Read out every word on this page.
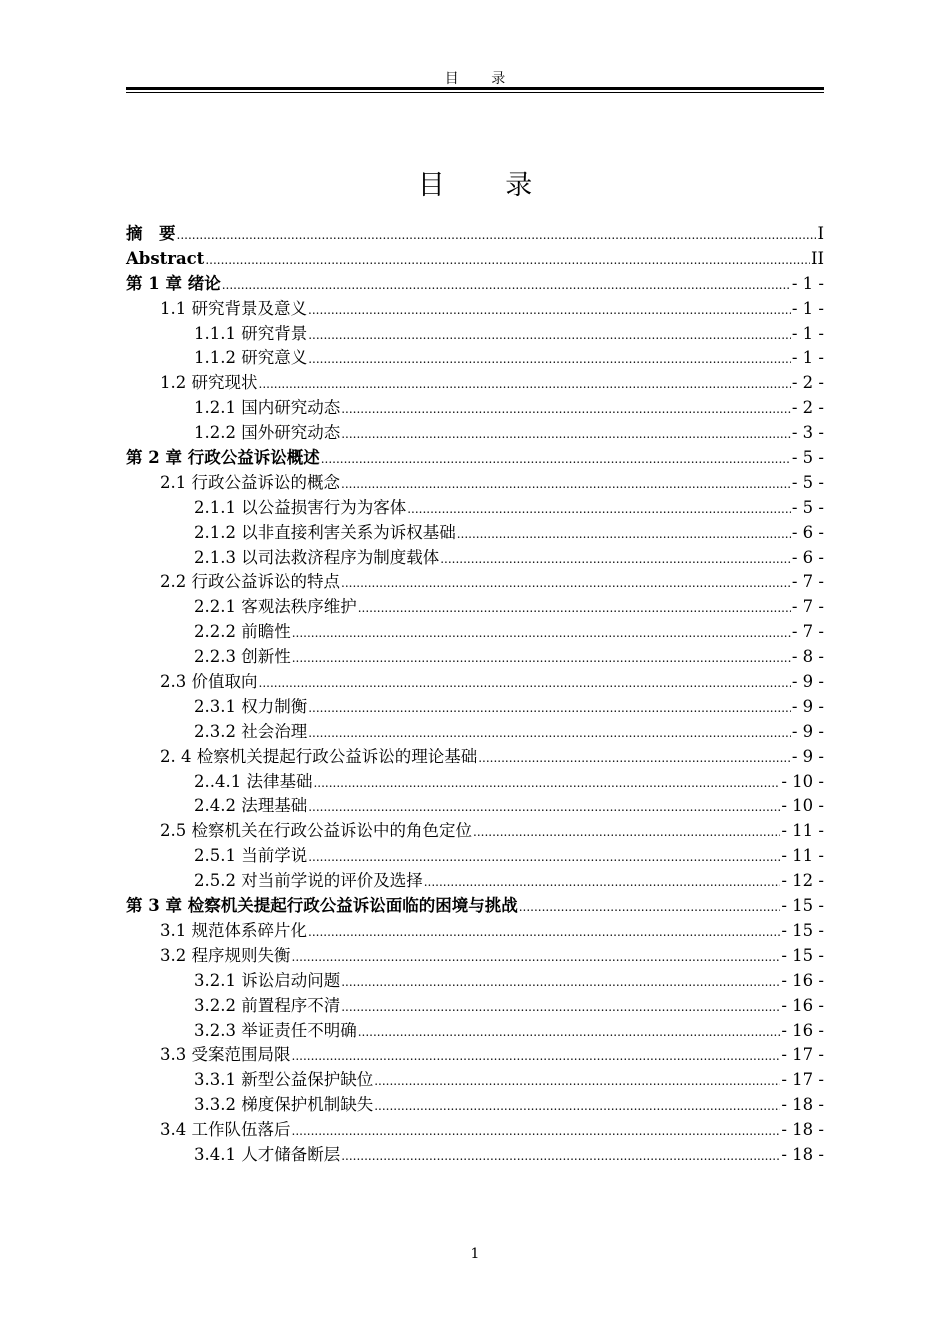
目 录
目 录
摘　要 .....	I
Abstract .....	II
第 1 章 绪论 .....	- 1 -
1.1 研究背景及意义 .....	- 1 -
1.1.1 研究背景 .....	- 1 -
1.1.2 研究意义 .....	- 1 -
1.2 研究现状 .....	- 2 -
1.2.1 国内研究动态 .....	- 2 -
1.2.2 国外研究动态 .....	- 3 -
第 2 章 行政公益诉讼概述 .....	- 5 -
2.1 行政公益诉讼的概念 .....	- 5 -
2.1.1 以公益损害行为为客体 .....	- 5 -
2.1.2 以非直接利害关系为诉权基础 .....	- 6 -
2.1.3 以司法救济程序为制度载体 .....	- 6 -
2.2 行政公益诉讼的特点 .....	- 7 -
2.2.1 客观法秩序维护 .....	- 7 -
2.2.2 前瞻性 .....	- 7 -
2.2.3 创新性 .....	- 8 -
2.3 价值取向 .....	- 9 -
2.3.1 权力制衡 .....	- 9 -
2.3.2 社会治理 .....	- 9 -
2. 4 检察机关提起行政公益诉讼的理论基础 .....	- 9 -
2..4.1 法律基础 .....	- 10 -
2.4.2 法理基础 .....	- 10 -
2.5 检察机关在行政公益诉讼中的角色定位 .....	- 11 -
2.5.1 当前学说 .....	- 11 -
2.5.2 对当前学说的评价及选择 .....	- 12 -
第 3 章 检察机关提起行政公益诉讼面临的困境与挑战 .....	- 15 -
3.1 规范体系碎片化 .....	- 15 -
3.2 程序规则失衡 .....	- 15 -
3.2.1 诉讼启动问题 .....	- 16 -
3.2.2 前置程序不清 .....	- 16 -
3.2.3 举证责任不明确 .....	- 16 -
3.3 受案范围局限 .....	- 17 -
3.3.1 新型公益保护缺位 .....	- 17 -
3.3.2 梯度保护机制缺失 .....	- 18 -
3.4 工作队伍落后 .....	- 18 -
3.4.1 人才储备断层 .....	- 18 -
1
